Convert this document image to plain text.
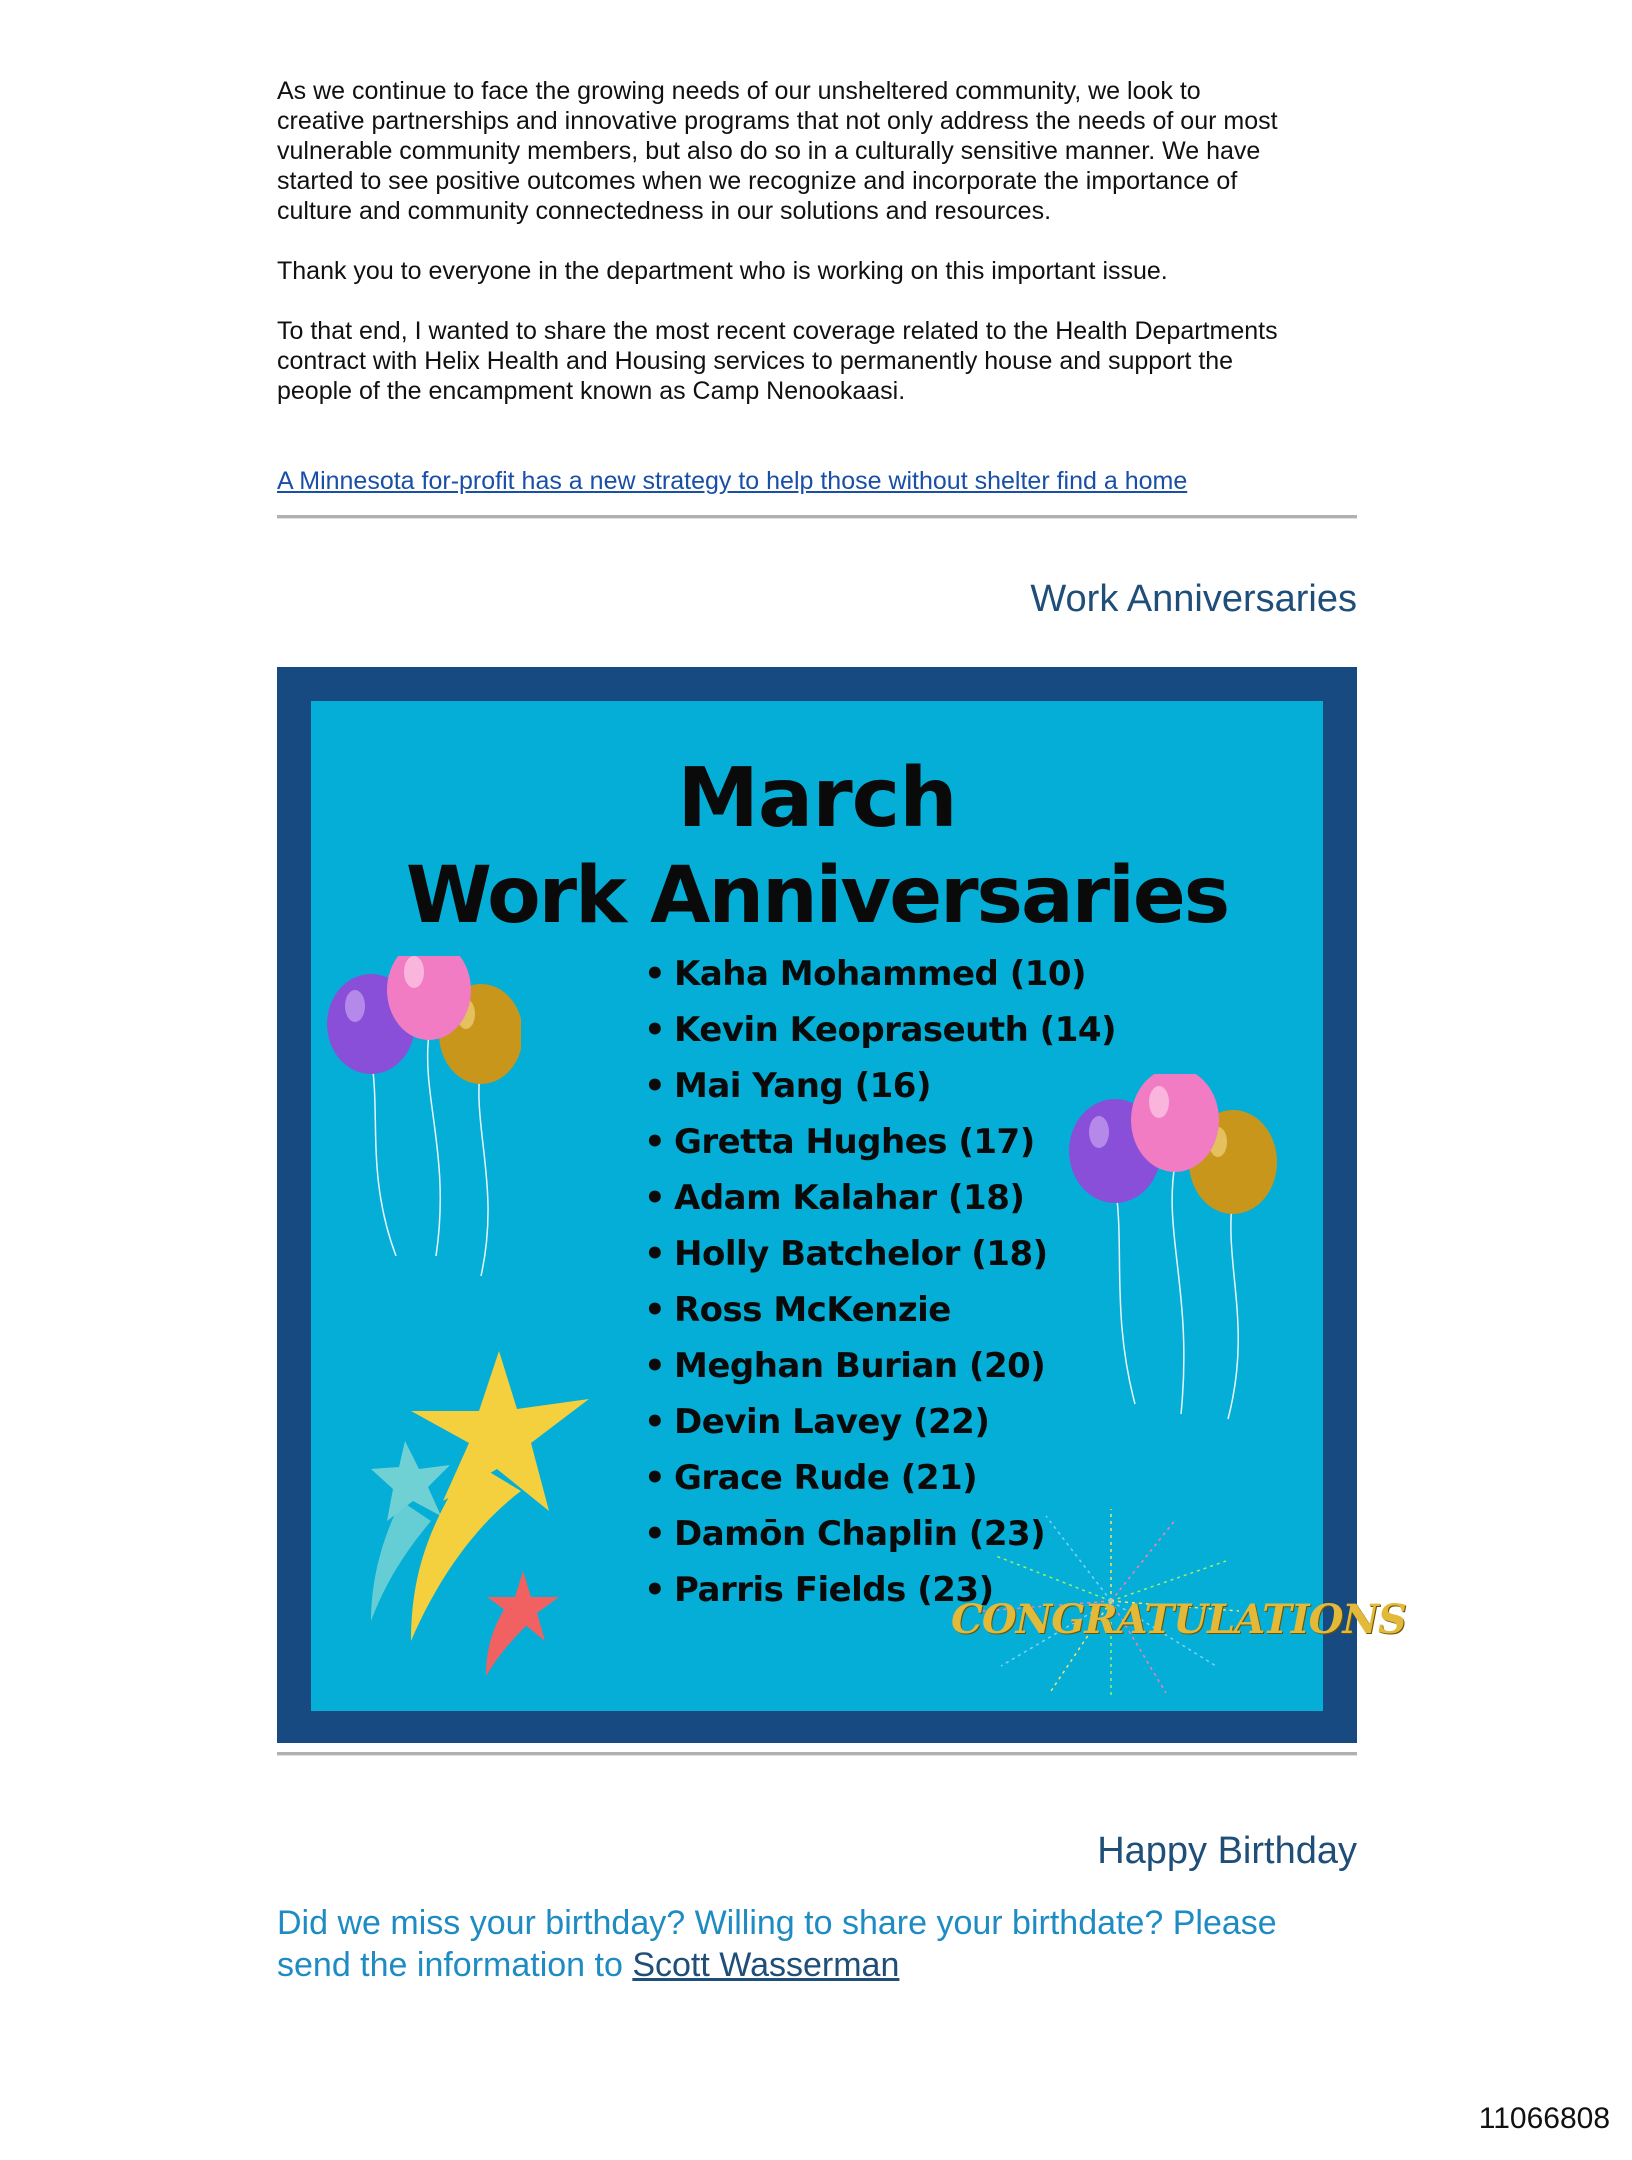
As we continue to face the growing needs of our unsheltered community, we look to
creative partnerships and innovative programs that not only address the needs of our most
vulnerable community members, but also do so in a culturally sensitive manner. We have
started to see positive outcomes when we recognize and incorporate the importance of
culture and community connectedness in our solutions and resources.

Thank you to everyone in the department who is working on this important issue.

To that end, I wanted to share the most recent coverage related to the Health Departments
contract with Helix Health and Housing services to permanently house and support the
people of the encampment known as Camp Nenookaasi.

A Minnesota for-profit has a new strategy to help those without shelter find a home

Work Anniversaries
March
Work Anniversaries
• Kaha Mohammed (10)
• Kevin Keopraseuth (14)
• Mai Yang (16)
• Gretta Hughes (17)
• Adam Kalahar (18)
• Holly Batchelor (18)
• Ross McKenzie
• Meghan Burian (20)
• Devin Lavey (22)
• Grace Rude (21)
• Damōn Chaplin (23)
• Parris Fields (23)
CONGRATULATIONS
Happy Birthday

Did we miss your birthday? Willing to share your birthdate? Please
send the information to Scott Wasserman

11066808
